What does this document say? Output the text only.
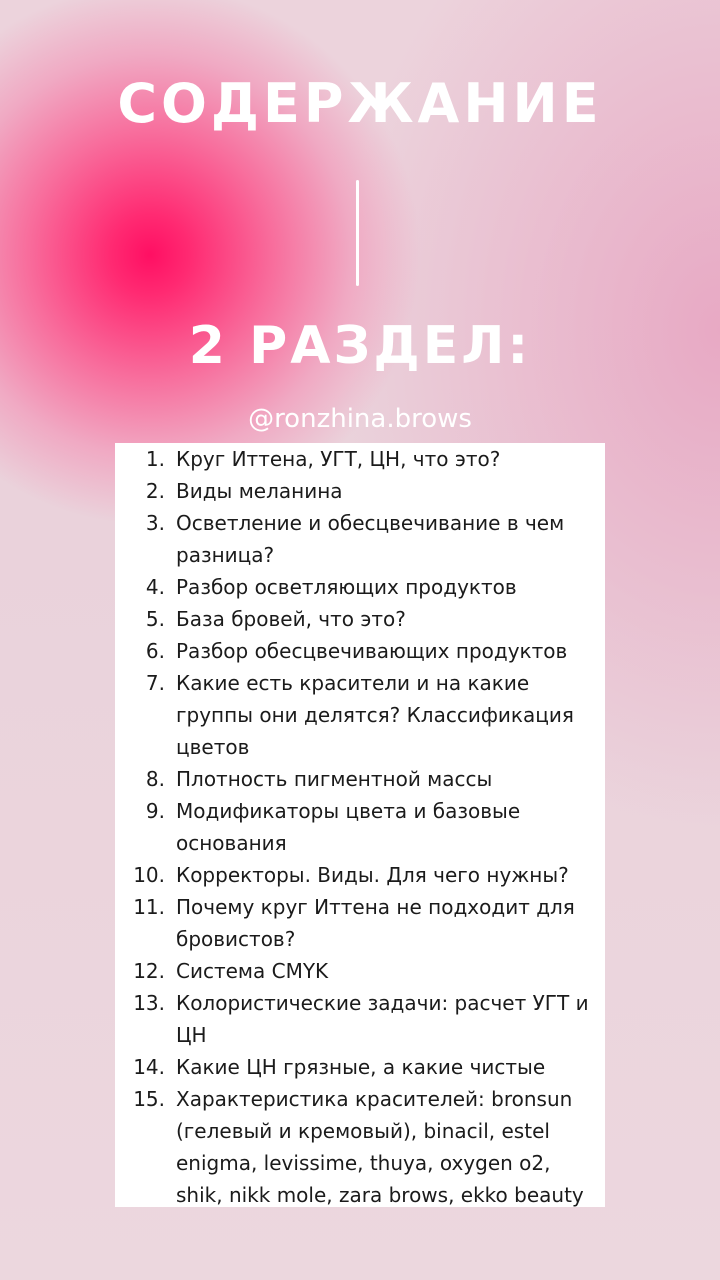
СОДЕРЖАНИЕ
2 РАЗДЕЛ:
@ronzhina.brows
1. Круг Иттена, УГТ, ЦН, что это?
2. Виды меланина
3. Осветление и обесцвечивание в чем разница?
4. Разбор осветляющих продуктов
5. База бровей, что это?
6. Разбор обесцвечивающих продуктов
7. Какие есть красители и на какие группы они делятся? Классификация цветов
8. Плотность пигментной массы
9. Модификаторы цвета и базовые основания
10. Корректоры. Виды. Для чего нужны?
11. Почему круг Иттена не подходит для бровистов?
12. Система CMYK
13. Колористические задачи: расчет УГТ и ЦН
14. Какие ЦН грязные, а какие чистые
15. Характеристика красителей: bronsun (гелевый и кремовый), binacil, estel enigma, levissime, thuya, oxygen o2, shik, nikk mole, zara brows, ekko beauty
